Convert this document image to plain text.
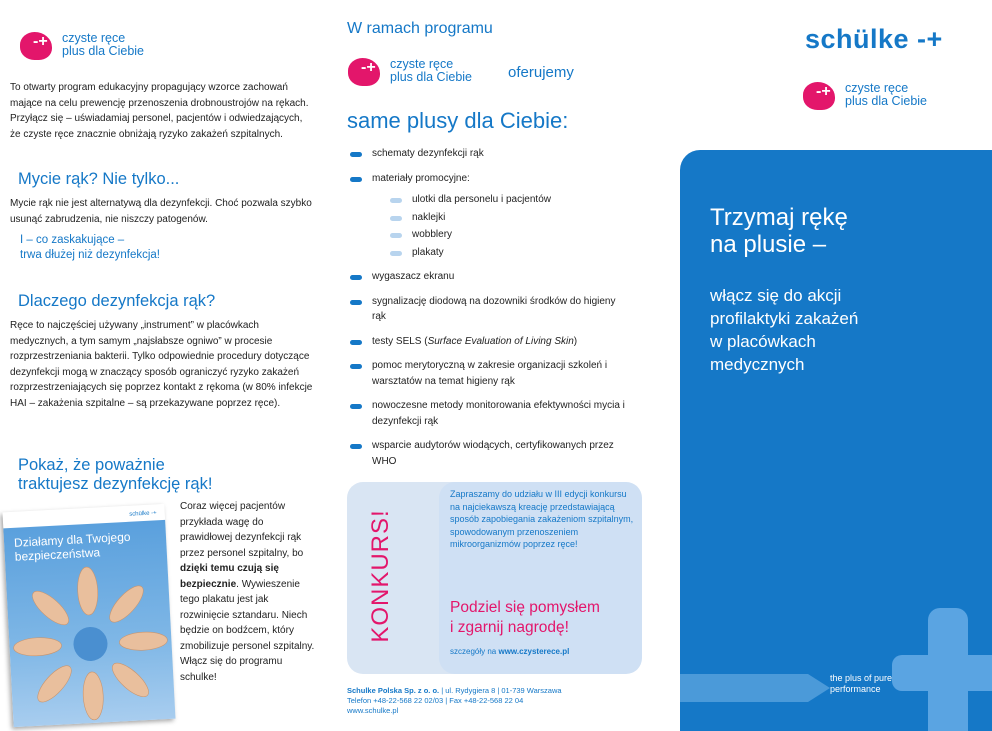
-+ czyste ręce
plus dla Ciebie

To otwarty program edukacyjny propagujący wzorce zachowań mające na celu prewencję przenoszenia drobnoustrojów na rękach. Przyłącz się – uświadamiaj personel, pacjentów i odwiedzających, że czyste ręce znacznie obniżają ryzyko zakażeń szpitalnych.

Mycie rąk? Nie tylko...

Mycie rąk nie jest alternatywą dla dezynfekcji. Choć pozwala szybko usunąć zabrudzenia, nie niszczy patogenów.

I – co zaskakujące –
trwa dłużej niż dezynfekcja!
Dlaczego dezynfekcja rąk?

Ręce to najczęściej używany „instrument” w placówkach medycznych, a tym samym „najsłabsze ogniwo” w procesie rozprzestrzeniania bakterii. Tylko odpowiednie procedury dotyczące dezynfekcji mogą w znaczący sposób ograniczyć ryzyko zakażeń rozprzestrzeniających się poprzez kontakt z rękoma (w 80% infekcje HAI – zakażenia szpitalne – są przekazywane poprzez ręce).

Pokaż, że poważnie
traktujesz dezynfekcję rąk!
schülke -+
Działamy dla Twojego
bezpieczeństwa

Coraz więcej pacjentów przykłada wagę do prawidłowej dezynfekcji rąk przez personel szpitalny, bo dzięki temu czują się bezpiecznie. Wywieszenie tego plakatu jest jak rozwinięcie sztandaru. Niech będzie on bodźcem, który zmobilizuje personel szpitalny. Włącz się do programu schulke!

W ramach programu
-+ czyste ręce
plus dla Ciebie oferujemy
same plusy dla Ciebie:
schematy dezynfekcji rąk
materiały promocyjne:
ulotki dla personelu i pacjentów
naklejki
wobblery
plakaty
wygaszacz ekranu
sygnalizację diodową na dozowniki środków do higieny rąk
testy SELS (Surface Evaluation of Living Skin)
pomoc merytoryczną w zakresie organizacji szkoleń i warsztatów na temat higieny rąk
nowoczesne metody monitorowania efektywności mycia i dezynfekcji rąk
wsparcie audytorów wiodących, certyfikowanych przez WHO
KONKURS!
Zapraszamy do udziału w III edycji konkursu na najciekawszą kreację przedstawiającą sposób zapobiegania zakażeniom szpitalnym, spowodowanym przenoszeniem mikroorganizmów poprzez ręce!
Podziel się pomysłem
i zgarnij nagrodę!
szczegóły na www.czysterece.pl
Schulke Polska Sp. z o. o. | ul. Rydygiera 8 | 01-739 Warszawa
Telefon +48-22-568 22 02/03 | Fax +48-22-568 22 04
www.schulke.pl
schülke -+
-+ czyste ręce
plus dla Ciebie
Trzymaj rękę
na plusie –
włącz się do akcji
profilaktyki zakażeń
w placówkach
medycznych
the plus of pure
performance
